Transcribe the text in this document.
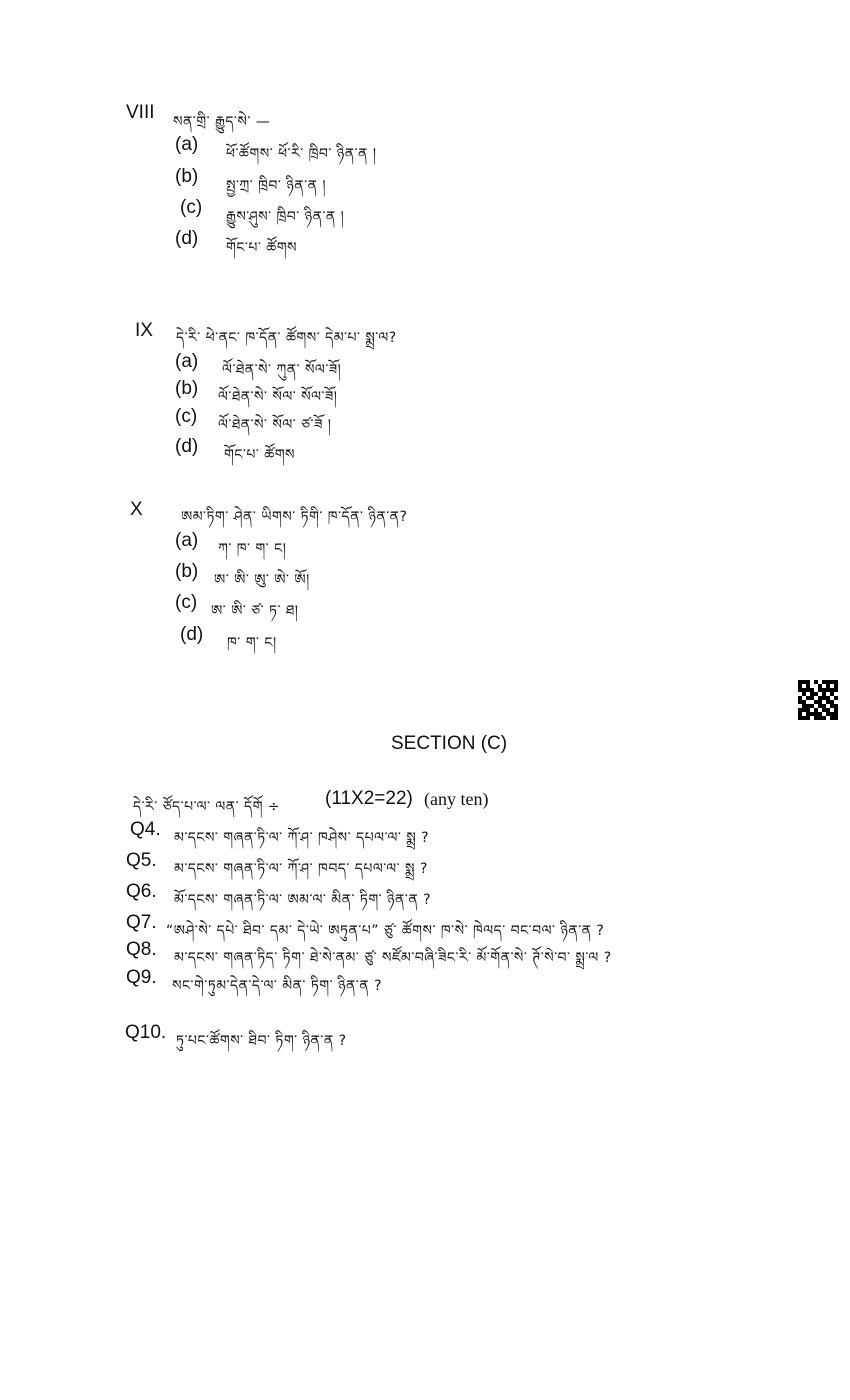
VIII སན་གྲི་ རྒྱུད་སེ་ —
(a) ཕོ་ཚོགས་ ཕོ་རི་ ཁྲིབ་ ཉིན་ན །
(b) སྤྱ་ཀྲ་ ཁྲིབ་ ཉིན་ན །
(c) རྒྱུས་ཤུས་ ཁྲིབ་ ཉིན་ན །
(d) གོང་པ་ ཚོགས
IX དེ་རི་ ཕེ་ནང་ ཁ་དོན་ ཚོགས་ དེམ་པ་ སྨྲ་ལ?
(a) ལོ་ཐེན་སེ་ ཀུན་ སོལ་ཟོ།
(b) ལོ་ཐེན་སེ་ སོལ་ སོལ་ཟོ།
(c) ལོ་ཐེན་སེ་ སོལ་ ཙ་ཟོ །
(d) གོང་པ་ ཚོགས
X	ཨམ་ཏིག་ ཤེན་ ཡིགས་ ཏིགི་ ཁ་དོན་ ཉིན་ན?
(a) ཀ་ ཁ་ ག་ ང།
(b) ཨ་ ཨི་ ཨུ་ ཨེ་ ཨོ།
(c) ཨ་ ཨི་ ཙ་ ཏ་ ཐ།
(d) ཁ་ ག་ ང།
SECTION (C)
དེ་རི་ ཙོད་པ་ལ་ ལན་ དོགོ ÷ (11X2=22) (any ten)
Q4. མ་དངས་ གཞན་ཏི་ལ་ ཀོ་ཤ་ ཁཤེས་ དཔལ་ལ་ སྨྲ ?
Q5. མ་དངས་ གཞན་ཏི་ལ་ ཀོ་ཤ་ ཁབད་ དཔལ་ལ་ སྨྲ ?
Q6. མོ་དངས་ གཞན་ཏི་ལ་ ཨམ་ལ་ མིན་ ཏིག་ ཉིན་ན ?
Q7. “ཨཤེ་སེ་ དཔེ་ ཐིབ་ དམ་ དེ་ཡེ་ ཨཏུན་པ” ཙུ་ ཚོགས་ ཁ་སེ་ ཁེལད་ བང་བལ་ ཉིན་ན ?
Q8. མ་དངས་ གཞན་ཏིད་ ཏིག་ ཐེ་སེ་ནམ་ ཙུ་ སཛོམ་བཞི་ཟིང་རི་ མོ་གོན་སེ་ ཊོ་སེ་བ་ སྨྲ་ལ ?
Q9. སང་གེ་ཏུམ་དེན་དེ་ལ་ མིན་ ཏིག་ ཉིན་ན ?
Q10. ཏུ་པང་ཚོགས་ ཐིབ་ ཏིག་ ཉིན་ན ?
